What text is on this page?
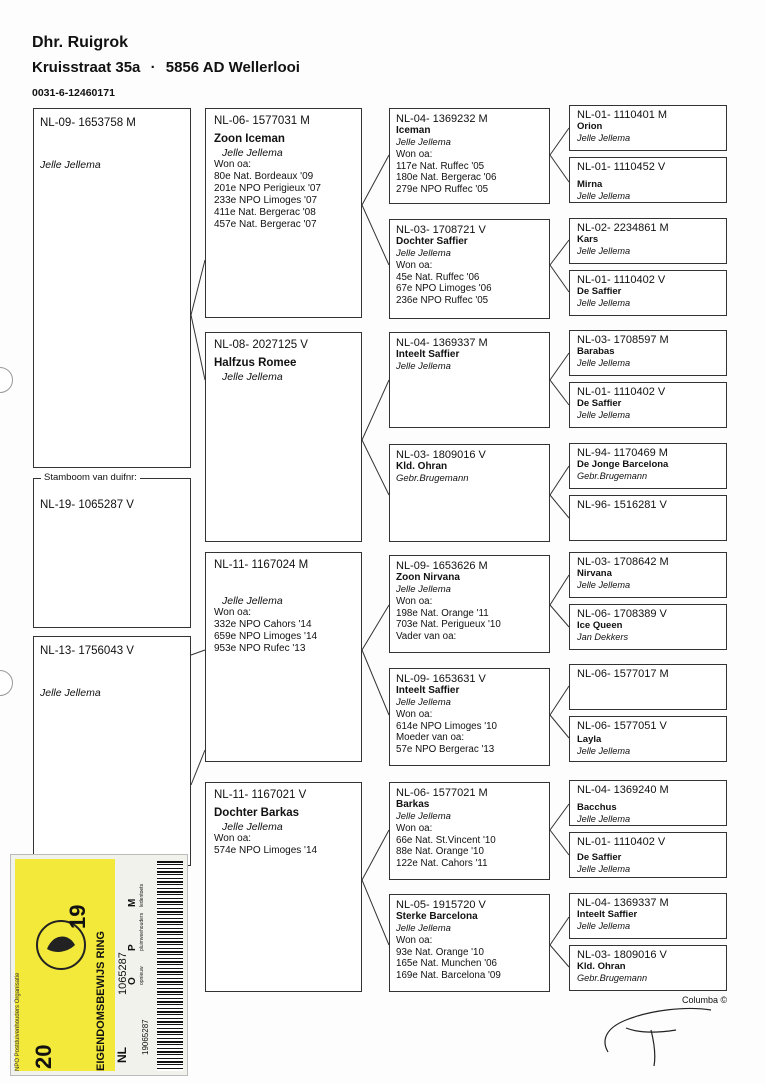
Dhr. Ruigrok
Kruisstraat 35a · 5856 AD Wellerlooi
0031-6-12460171
NL-09- 1653758 M
Jelle Jellema
NL-19- 1065287 V
Stamboom van duifnr:
NL-13- 1756043 V
Jelle Jellema
NL-06- 1577031 M
Zoon Iceman
Jelle Jellema
Won oa:
80e Nat. Bordeaux '09
201e NPO Perigieux '07
233e NPO Limoges '07
411e Nat. Bergerac '08
457e Nat. Bergerac '07
NL-08- 2027125 V
Halfzus Romee
Jelle Jellema
NL-11- 1167024 M
Jelle Jellema
Won oa:
332e NPO Cahors '14
659e NPO Limoges '14
953e NPO Rufec '13
NL-11- 1167021 V
Dochter Barkas
Jelle Jellema
Won oa:
574e NPO Limoges '14
NL-04- 1369232 M
Iceman
Jelle Jellema
Won oa:
117e Nat. Ruffec '05
180e Nat. Bergerac '06
279e NPO Ruffec '05
NL-03- 1708721 V
Dochter Saffier
Jelle Jellema
Won oa:
45e Nat. Ruffec '06
67e NPO Limoges '06
236e NPO Ruffec '05
NL-04- 1369337 M
Inteelt Saffier
Jelle Jellema
NL-03- 1809016 V
Kld. Ohran
Gebr.Brugemann
NL-09- 1653626 M
Zoon Nirvana
Jelle Jellema
Won oa:
198e Nat. Orange '11
703e Nat. Perigueux '10
Vader van oa:
NL-09- 1653631 V
Inteelt Saffier
Jelle Jellema
Won oa:
614e NPO Limoges '10
Moeder van oa:
57e NPO Bergerac '13
NL-06- 1577021 M
Barkas
Jelle Jellema
Won oa:
66e Nat. St.Vincent '10
88e Nat. Orange '10
122e Nat. Cahors '11
NL-05- 1915720 V
Sterke Barcelona
Jelle Jellema
Won oa:
93e Nat. Orange '10
165e Nat. Munchen '06
169e Nat. Barcelona '09
NL-01- 1110401 M
Orion
Jelle Jellema
NL-01- 1110452 V
Mirna
Jelle Jellema
NL-02- 2234861 M
Kars
Jelle Jellema
NL-01- 1110402 V
De Saffier
Jelle Jellema
NL-03- 1708597 M
Barabas
Jelle Jellema
NL-01- 1110402 V
De Saffier
Jelle Jellema
NL-94- 1170469 M
De Jonge Barcelona
Gebr.Brugemann
NL-96- 1516281 V
NL-03- 1708642 M
Nirvana
Jelle Jellema
NL-06- 1708389 V
Ice Queen
Jan Dekkers
NL-06- 1577017 M
NL-06- 1577051 V
Layla
Jelle Jellema
NL-04- 1369240 M
Bacchus
Jelle Jellema
NL-01- 1110402 V
De Saffier
Jelle Jellema
NL-04- 1369337 M
Inteelt Saffier
Jelle Jellema
NL-03- 1809016 V
Kld. Ohran
Gebr.Brugemann
Columba ©
20
19
EIGENDOMSBEWIJS RING
NPO Postduivenhouders Organisatie	NL
1065287
M ledentoets
P pluimveehouders
O opnieuw
19065287
